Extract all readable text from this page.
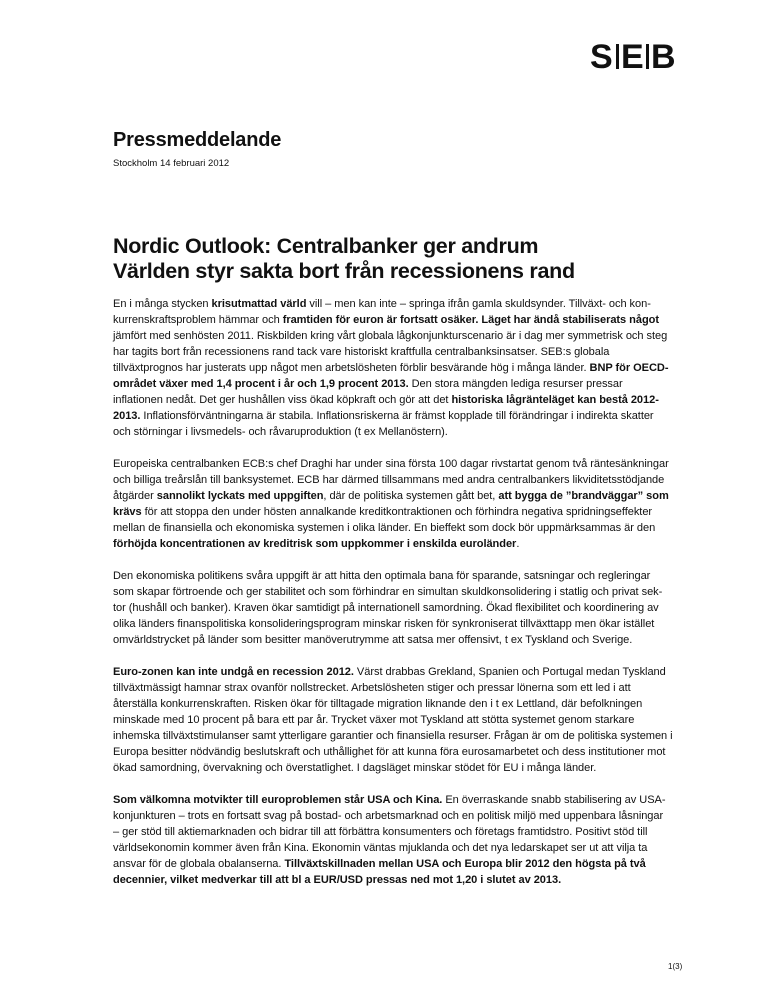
S E B
Pressmeddelande

Stockholm 14 februari 2012

Nordic Outlook: Centralbanker ger andrum
Världen styr sakta bort från recessionens rand

En i många stycken krisutmattad värld vill – men kan inte – springa ifrån gamla skuldsynder. Tillväxt- och kon-
kurrenskraftsproblem hämmar och framtiden för euron är fortsatt osäker. Läget har ändå stabiliserats något
jämfört med senhösten 2011. Riskbilden kring vårt globala lågkonjunkturscenario är i dag mer symmetrisk och steg
har tagits bort från recessionens rand tack vare historiskt kraftfulla centralbanksinsatser. SEB:s globala
tillväxtprognos har justerats upp något men arbetslösheten förblir besvärande hög i många länder. BNP för OECD-
området växer med 1,4 procent i år och 1,9 procent 2013. Den stora mängden lediga resurser pressar
inflationen nedåt. Det ger hushållen viss ökad köpkraft och gör att det historiska lågränteläget kan bestå 2012-
2013. Inflationsförväntningarna är stabila. Inflationsriskerna är främst kopplade till förändringar i indirekta skatter
och störningar i livsmedels- och råvaruproduktion (t ex Mellanöstern).

Europeiska centralbanken ECB:s chef Draghi har under sina första 100 dagar rivstartat genom två räntesänkningar
och billiga treårslån till banksystemet. ECB har därmed tillsammans med andra centralbankers likviditetsstödjande
åtgärder sannolikt lyckats med uppgiften, där de politiska systemen gått bet, att bygga de ”brandväggar” som
krävs för att stoppa den under hösten annalkande kreditkontraktionen och förhindra negativa spridningseffekter
mellan de finansiella och ekonomiska systemen i olika länder. En bieffekt som dock bör uppmärksammas är den
förhöjda koncentrationen av kreditrisk som uppkommer i enskilda euroländer.

Den ekonomiska politikens svåra uppgift är att hitta den optimala bana för sparande, satsningar och regleringar
som skapar förtroende och ger stabilitet och som förhindrar en simultan skuldkonsolidering i statlig och privat sek-
tor (hushåll och banker). Kraven ökar samtidigt på internationell samordning. Ökad flexibilitet och koordinering av
olika länders finanspolitiska konsolideringsprogram minskar risken för synkroniserat tillväxttapp men ökar istället
omvärldstrycket på länder som besitter manöverutrymme att satsa mer offensivt, t ex Tyskland och Sverige.

Euro-zonen kan inte undgå en recession 2012. Värst drabbas Grekland, Spanien och Portugal medan Tyskland
tillväxtmässigt hamnar strax ovanför nollstrecket. Arbetslösheten stiger och pressar lönerna som ett led i att
återställa konkurrenskraften. Risken ökar för tilltagade migration liknande den i t ex Lettland, där befolkningen
minskade med 10 procent på bara ett par år. Trycket växer mot Tyskland att stötta systemet genom starkare
inhemska tillväxtstimulanser samt ytterligare garantier och finansiella resurser. Frågan är om de politiska systemen i
Europa besitter nödvändig beslutskraft och uthållighet för att kunna föra eurosamarbetet och dess institutioner mot
ökad samordning, övervakning och överstatlighet. I dagsläget minskar stödet för EU i många länder.

Som välkomna motvikter till europroblemen står USA och Kina. En överraskande snabb stabilisering av USA-
konjunkturen – trots en fortsatt svag på bostad- och arbetsmarknad och en politisk miljö med uppenbara låsningar
– ger stöd till aktiemarknaden och bidrar till att förbättra konsumenters och företags framtidstro. Positivt stöd till
världsekonomin kommer även från Kina. Ekonomin väntas mjuklanda och det nya ledarskapet ser ut att vilja ta
ansvar för de globala obalanserna. Tillväxtskillnaden mellan USA och Europa blir 2012 den högsta på två
decennier, vilket medverkar till att bl a EUR/USD pressas ned mot 1,20 i slutet av 2013.

1(3)
